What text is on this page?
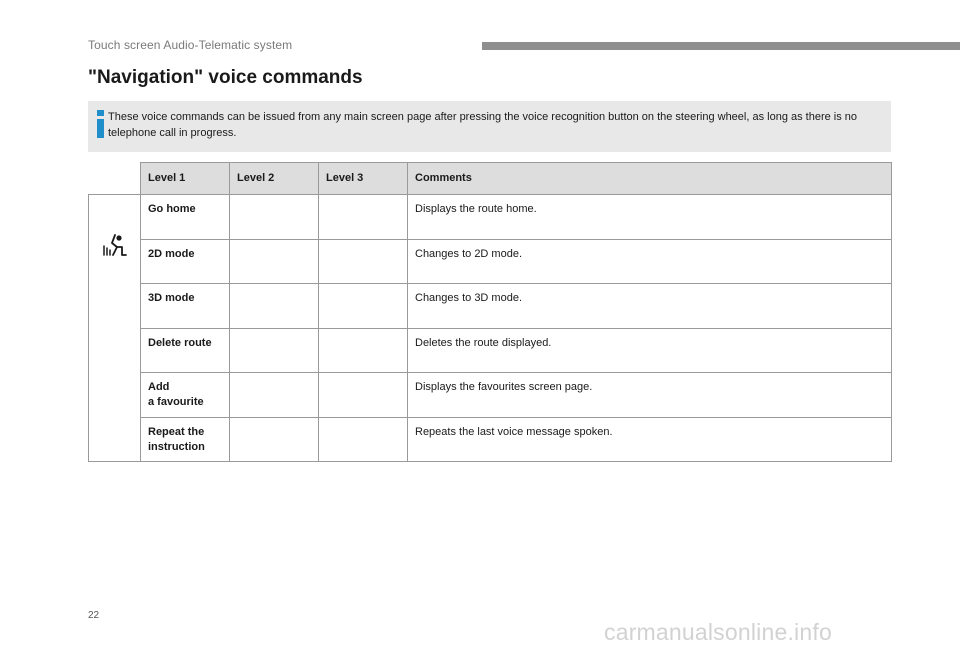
Touch screen Audio-Telematic system
"Navigation" voice commands

These voice commands can be issued from any main screen page after pressing the voice recognition button on the steering wheel, as long as there is no telephone call in progress.

	Level 1	Level 2	Level 3	Comments

	Go home			Displays the route home.
	2D mode			Changes to 2D mode.
	3D mode			Changes to 3D mode.
	Delete route			Deletes the route displayed.
	Add
a favourite			Displays the favourites screen page.
	Repeat the
instruction			Repeats the last voice message spoken.
22
carmanualsonline.info
